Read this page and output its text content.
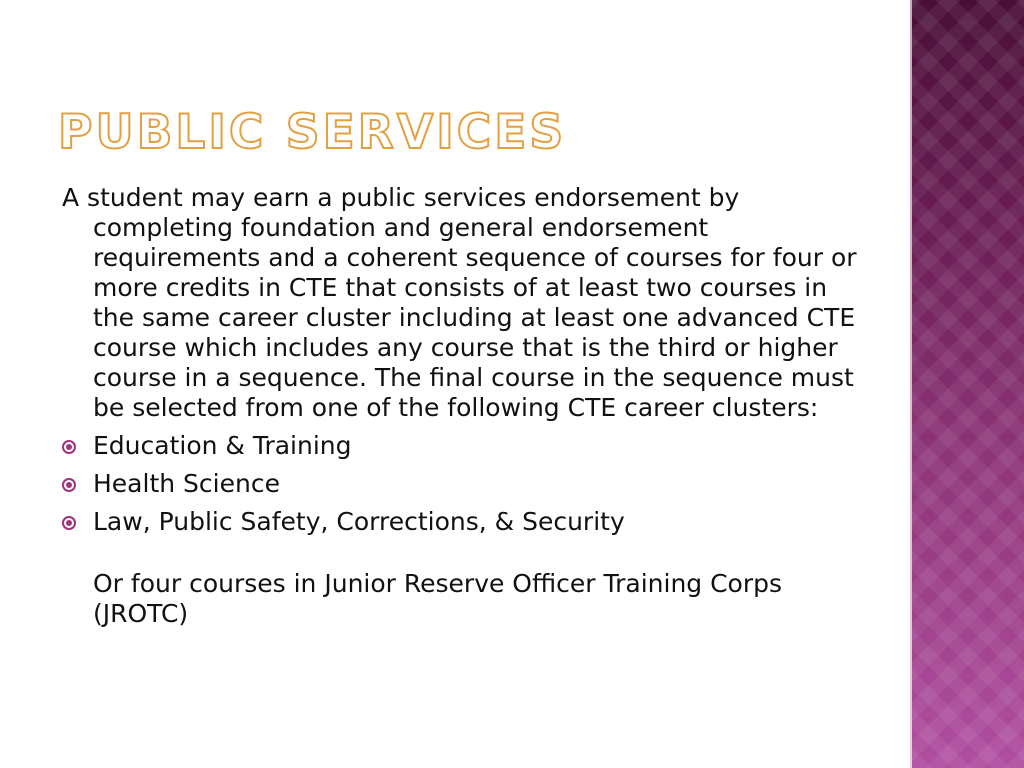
PUBLIC SERVICES

A student may earn a public services endorsement by completing foundation and general endorsement requirements and a coherent sequence of courses for four or more credits in CTE that consists of at least two courses in the same career cluster including at least one advanced CTE course which includes any course that is the third or higher course in a sequence. The final course in the sequence must be selected from one of the following CTE career clusters:

Education & Training
Health Science
Law, Public Safety, Corrections, & Security

Or four courses in Junior Reserve Officer Training Corps (JROTC)
